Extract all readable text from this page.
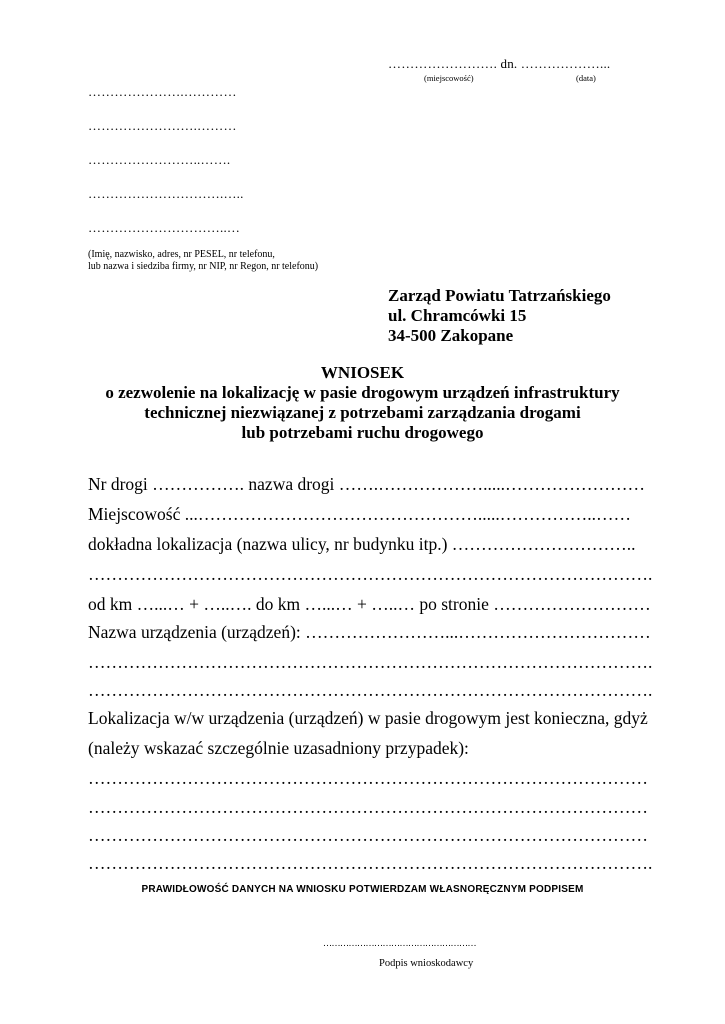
……………………. dn. ………………...
(miejscowość)	(data)
………………….…………
…………………….………
……………………..…….
………………………….…..
…………………………..…
(Imię, nazwisko, adres, nr PESEL, nr telefonu,
lub nazwa i siedziba firmy, nr NIP, nr Regon, nr telefonu)
Zarząd Powiatu Tatrzańskiego
ul. Chramcówki 15
34-500 Zakopane
WNIOSEK
o zezwolenie na lokalizację w pasie drogowym urządzeń infrastruktury
technicznej niezwiązanej z potrzebami zarządzania drogami
lub potrzebami ruchu drogowego
Nr drogi ……………. nazwa drogi …….……………….....……………………
Miejscowość ...………………………………………….....……………..……
dokładna lokalizacja (nazwa ulicy, nr budynku itp.) …………………………..
…………………………………………………………………………………….
od km …...… + …..…. do km …...… + …..… po stronie ………………………
Nazwa urządzenia (urządzeń): ……………………...……………………………
…………………………………………………………………………………….
…………………………………………………………………………………….
Lokalizacja w/w urządzenia (urządzeń) w pasie drogowym jest konieczna, gdyż
(należy wskazać szczególnie uzasadniony przypadek):
……………………………………………………………………………………
……………………………………………………………………………………
……………………………………………………………………………………
…………………………………………………………………………………….
PRAWIDŁOWOŚĆ DANYCH NA WNIOSKU POTWIERDZAM WŁASNORĘCZNYM PODPISEM
………………………………………………
Podpis wnioskodawcy
